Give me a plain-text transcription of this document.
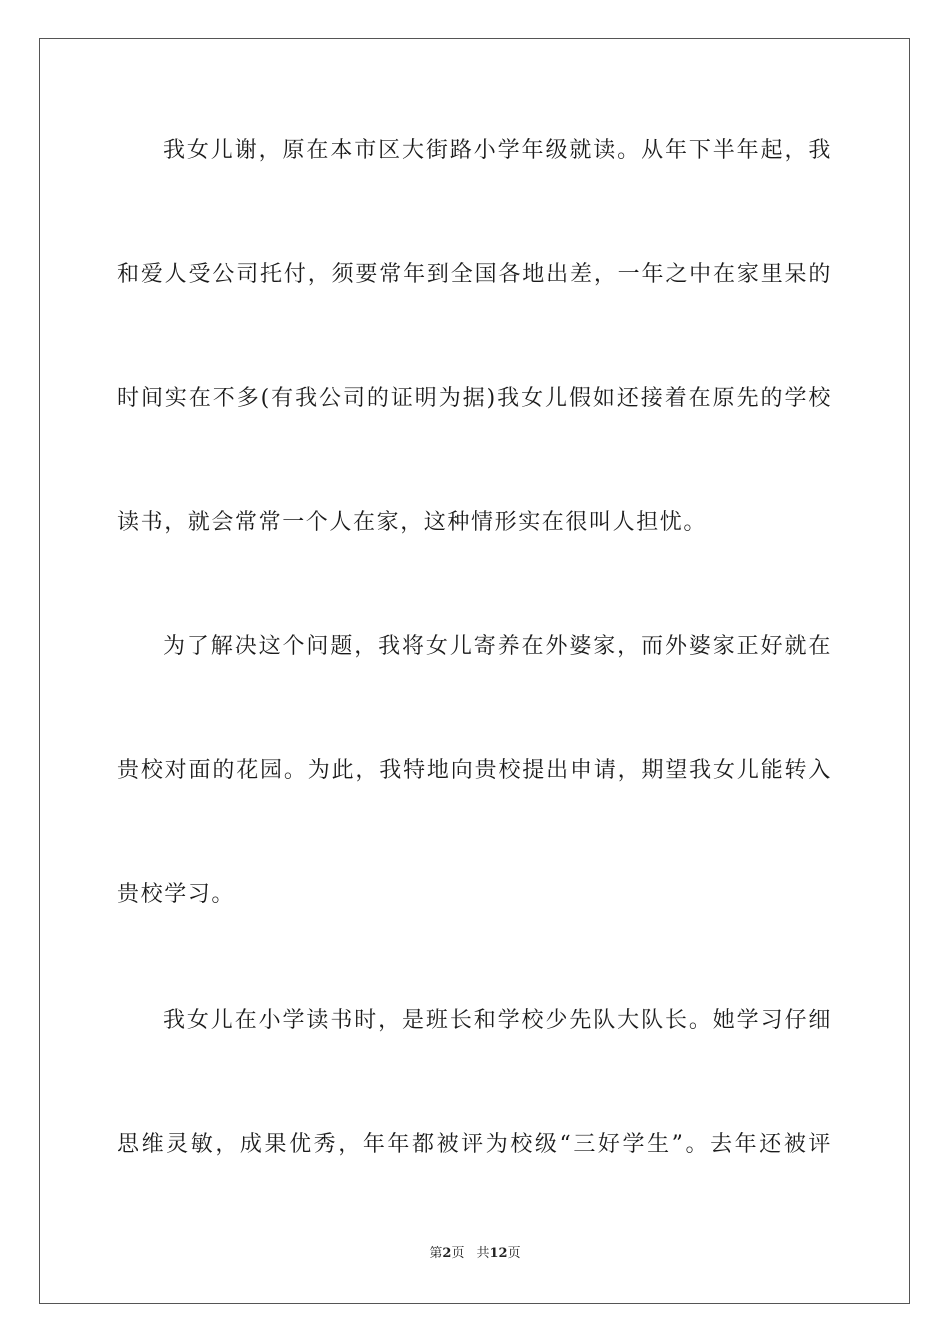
我女儿谢，原在本市区大街路小学年级就读。从年下半年起，我
和爱人受公司托付，须要常年到全国各地出差，一年之中在家里呆的
时间实在不多(有我公司的证明为据)我女儿假如还接着在原先的学校
读书，就会常常一个人在家，这种情形实在很叫人担忧。
为了解决这个问题，我将女儿寄养在外婆家，而外婆家正好就在
贵校对面的花园。为此，我特地向贵校提出申请，期望我女儿能转入
贵校学习。
我女儿在小学读书时，是班长和学校少先队大队长。她学习仔细
思维灵敏，成果优秀，年年都被评为校级“三好学生”。去年还被评
第2页 共12页
